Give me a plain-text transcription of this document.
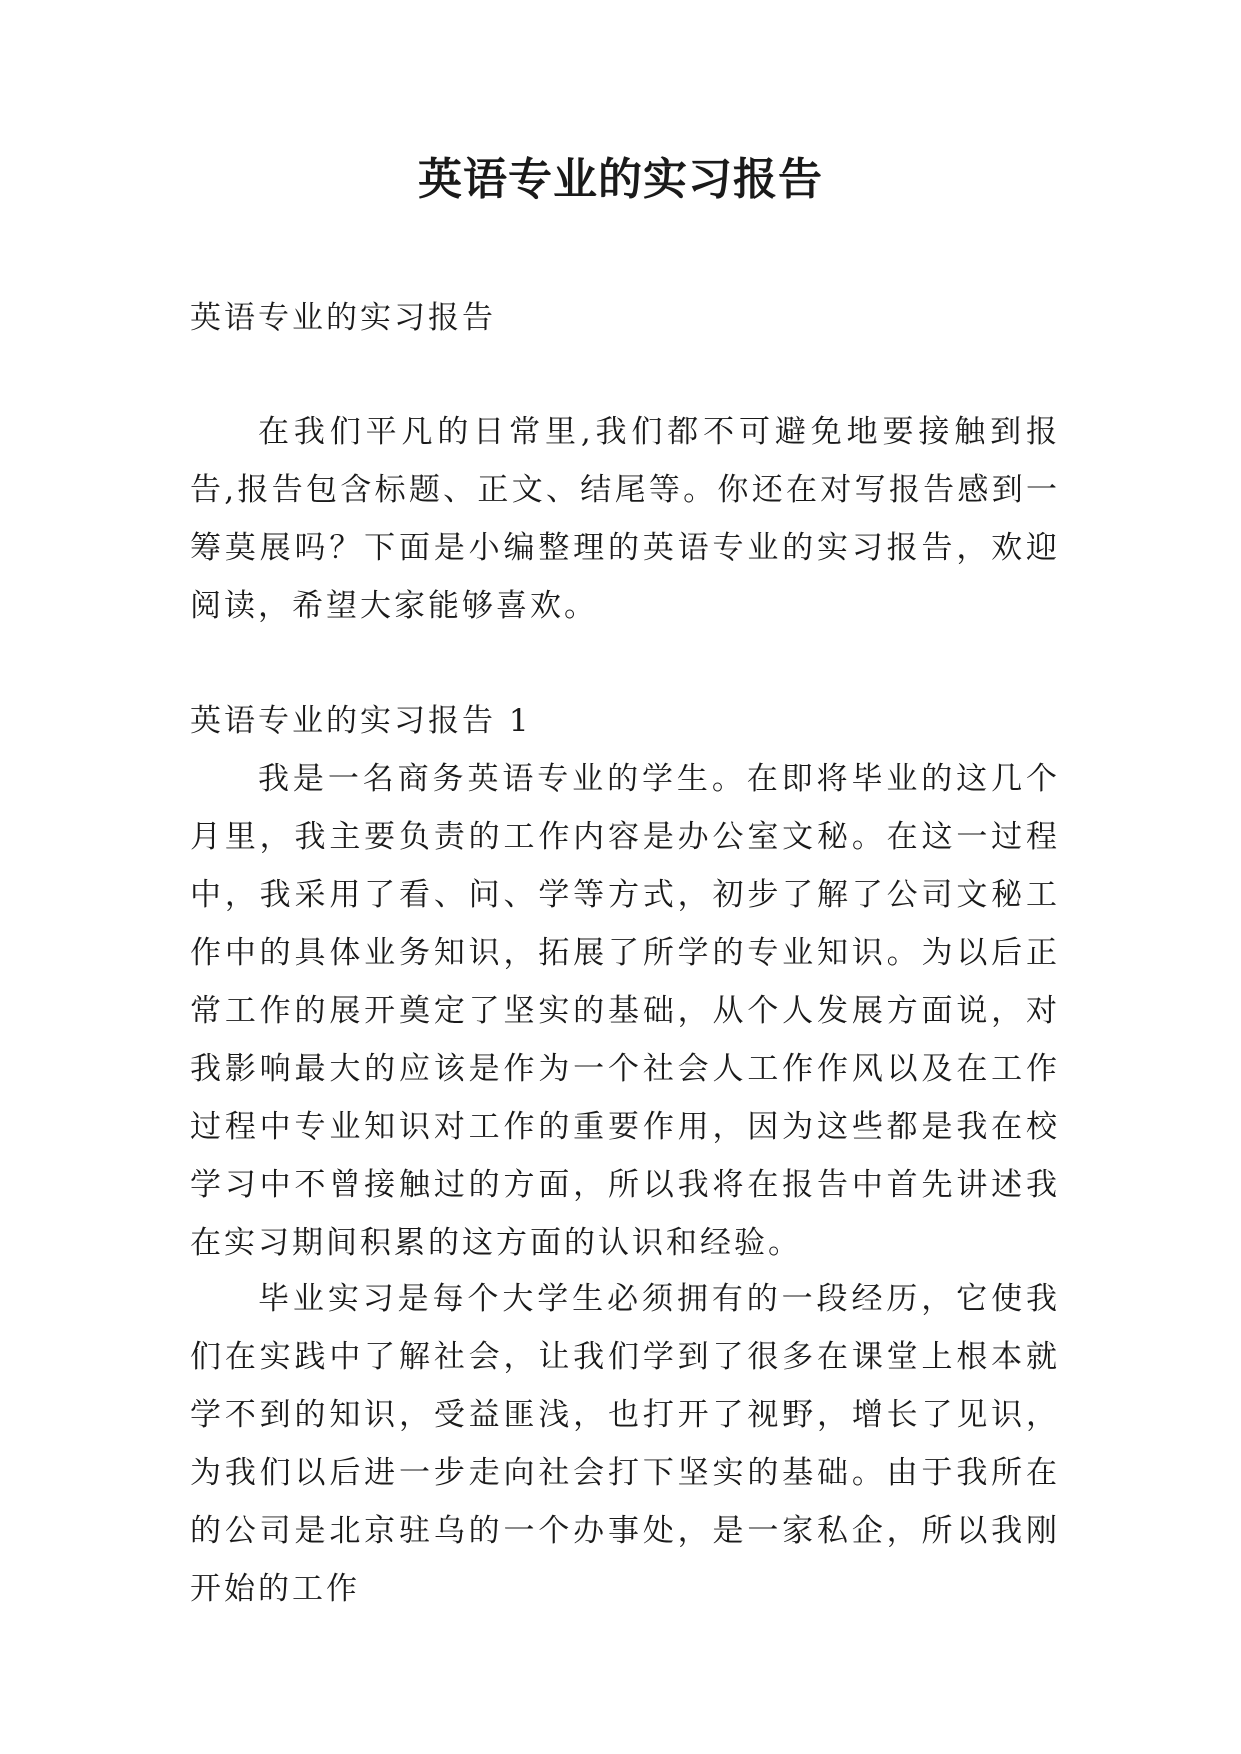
英语专业的实习报告

英语专业的实习报告

在我们平凡的日常里,我们都不可避免地要接触到报告,报告包含标题、正文、结尾等。你还在对写报告感到一筹莫展吗？下面是小编整理的英语专业的实习报告，欢迎阅读，希望大家能够喜欢。

英语专业的实习报告 1

我是一名商务英语专业的学生。在即将毕业的这几个月里，我主要负责的工作内容是办公室文秘。在这一过程中，我采用了看、问、学等方式，初步了解了公司文秘工作中的具体业务知识，拓展了所学的专业知识。为以后正常工作的展开奠定了坚实的基础，从个人发展方面说，对我影响最大的应该是作为一个社会人工作作风以及在工作过程中专业知识对工作的重要作用，因为这些都是我在校学习中不曾接触过的方面，所以我将在报告中首先讲述我在实习期间积累的这方面的认识和经验。

毕业实习是每个大学生必须拥有的一段经历，它使我们在实践中了解社会，让我们学到了很多在课堂上根本就学不到的知识，受益匪浅，也打开了视野，增长了见识，为我们以后进一步走向社会打下坚实的基础。由于我所在的公司是北京驻乌的一个办事处，是一家私企，所以我刚开始的工作
